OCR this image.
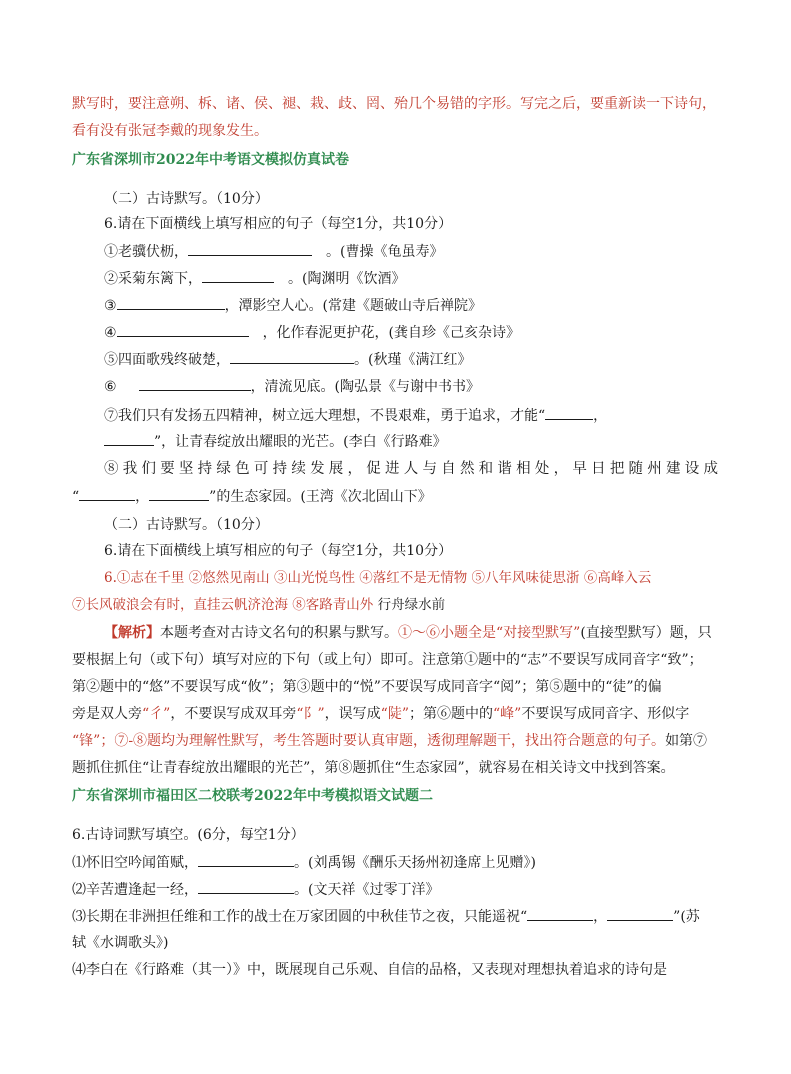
默写时，要注意朔、柝、诸、侯、褪、栽、歧、罔、殆几个易错的字形。写完之后，要重新读一下诗句，
看有没有张冠李戴的现象发生。
广东省深圳市2022年中考语文模拟仿真试卷
（二）古诗默写。（10分）
6.请在下面横线上填写相应的句子（每空1分，共10分）
①老骥伏枥，	。(曹操《龟虽寿》
②采菊东篱下，	。(陶渊明《饮酒》
③	，潭影空人心。(常建《题破山寺后禅院》
④	，化作春泥更护花，(龚自珍《己亥杂诗》
⑤四面歌残终破楚，	。(秋瑾《满江红》
⑥	，清流见底。(陶弘景《与谢中书书》
⑦我们只有发扬五四精神，树立远大理想，不畏艰难，勇于追求，才能“	，
”，让青春绽放出耀眼的光芒。(李白《行路难》
⑧我们要坚持绿色可持续发展，促进人与自然和谐相处，早日把随州建设成
“	，	”的生态家园。(王湾《次北固山下》
（二）古诗默写。（10分）
6.请在下面横线上填写相应的句子（每空1分，共10分）
6.①志在千里 ②悠然见南山 ③山光悦鸟性 ④落红不是无情物 ⑤八年风味徒思浙 ⑥高峰入云
⑦长风破浪会有时，直挂云帆济沧海 ⑧客路青山外 行舟绿水前
【解析】本题考查对古诗文名句的积累与默写。①～⑥小题全是“对接型默写”(直接型默写）题，只
要根据上句（或下句）填写对应的下句（或上句）即可。注意第①题中的“志”不要误写成同音字“致”；
第②题中的“悠”不要误写成“攸”；第③题中的“悦”不要误写成同音字“阅”；第⑤题中的“徒”的偏
旁是双人旁“彳”，不要误写成双耳旁“阝”，误写成“陡”；第⑥题中的“峰”不要误写成同音字、形似字
“锋”；⑦-⑧题均为理解性默写，考生答题时要认真审题，透彻理解题干，找出符合题意的句子。如第⑦
题抓住抓住“让青春绽放出耀眼的光芒”，第⑧题抓住“生态家园”，就容易在相关诗文中找到答案。
广东省深圳市福田区二校联考2022年中考模拟语文试题二
6.古诗词默写填空。(6分，每空1分）
⑴怀旧空吟闻笛赋，	。(刘禹锡《酬乐天扬州初逢席上见赠》)
⑵辛苦遭逢起一经，	。(文天祥《过零丁洋》
⑶长期在非洲担任维和工作的战士在万家团圆的中秋佳节之夜，只能遥祝“	，	”(苏
轼《水调歌头》)
⑷李白在《行路难（其一）》中，既展现自己乐观、自信的品格，又表现对理想执着追求的诗句是
